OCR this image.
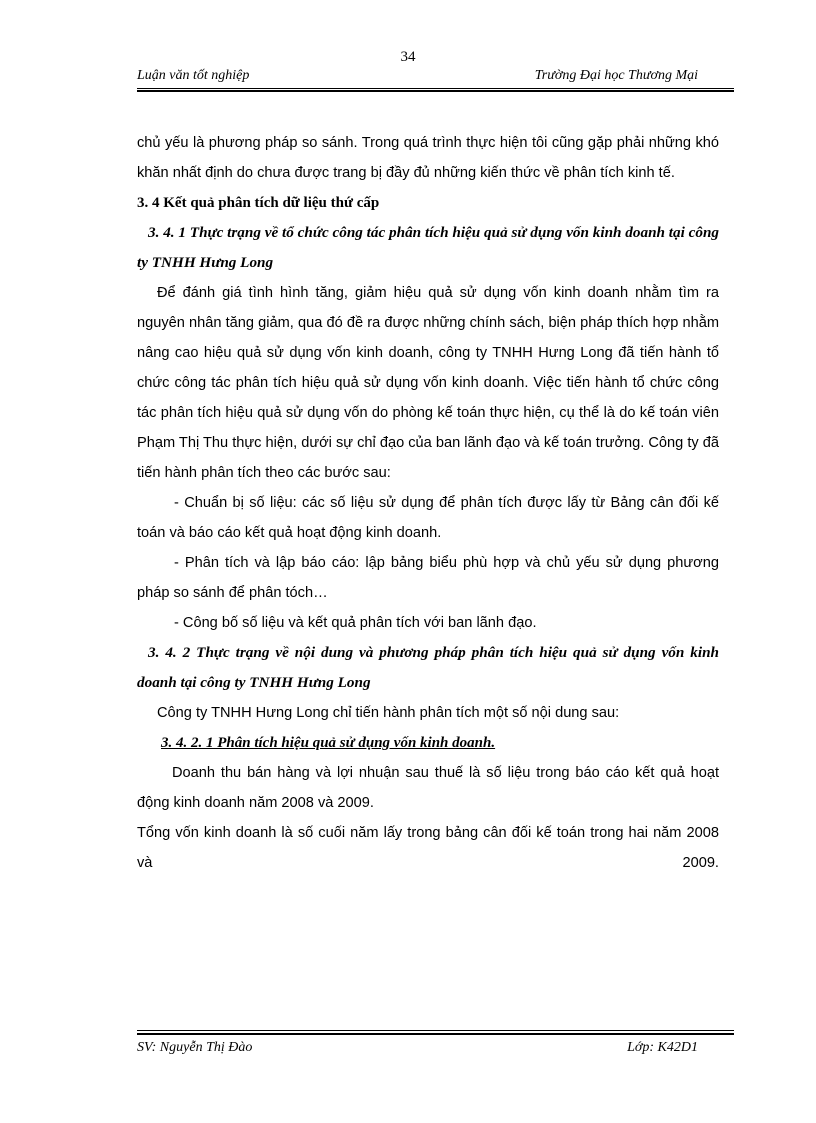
34
Luận văn tốt nghiệp	Trường Đại học Thương Mại

chủ yếu là phương pháp so sánh. Trong quá trình thực hiện tôi cũng gặp phải những khó khăn nhất định do chưa được trang bị đầy đủ những kiến thức về phân tích kinh tế.

3. 4 Kết quả phân tích dữ liệu thứ cấp

3. 4. 1 Thực trạng về tổ chức công tác phân tích hiệu quả sử dụng vốn kinh doanh tại công ty TNHH Hưng Long

Để đánh giá tình hình tăng, giảm hiệu quả sử dụng vốn kinh doanh nhằm tìm ra nguyên nhân tăng giảm, qua đó đề ra được những chính sách, biện pháp thích hợp nhằm nâng cao hiệu quả sử dụng vốn kinh doanh, công ty TNHH Hưng Long đã tiến hành tổ chức công tác phân tích hiệu quả sử dụng vốn kinh doanh. Việc tiến hành tổ chức công tác phân tích hiệu quả sử dụng vốn do phòng kế toán thực hiện, cụ thể là do kế toán viên Phạm Thị Thu thực hiện, dưới sự chỉ đạo của ban lãnh đạo và kế toán trưởng. Công ty đã tiến hành phân tích theo các bước sau:

- Chuẩn bị số liệu: các số liệu sử dụng để phân tích được lấy từ Bảng cân đối kế toán và báo cáo kết quả hoạt động kinh doanh.

- Phân tích và lập báo cáo: lập bảng biểu phù hợp và chủ yếu sử dụng phương pháp so sánh để phân tóch…

- Công bố số liệu và kết quả phân tích với ban lãnh đạo.

3. 4. 2 Thực trạng về nội dung và phương pháp phân tích hiệu quả sử dụng vốn kinh doanh tại công ty TNHH Hưng Long

Công ty TNHH Hưng Long chỉ tiến hành phân tích một số nội dung sau:

3. 4. 2. 1 Phân tích hiệu quả sử dụng vốn kinh doanh.

Doanh thu bán hàng và lợi nhuận sau thuế là số liệu trong báo cáo kết quả hoạt động kinh doanh năm 2008 và 2009.

Tổng vốn kinh doanh là số cuối năm lấy trong bảng cân đối kế toán trong hai năm 2008 và 2009.

SV: Nguyễn Thị Đào	Lớp: K42D1
